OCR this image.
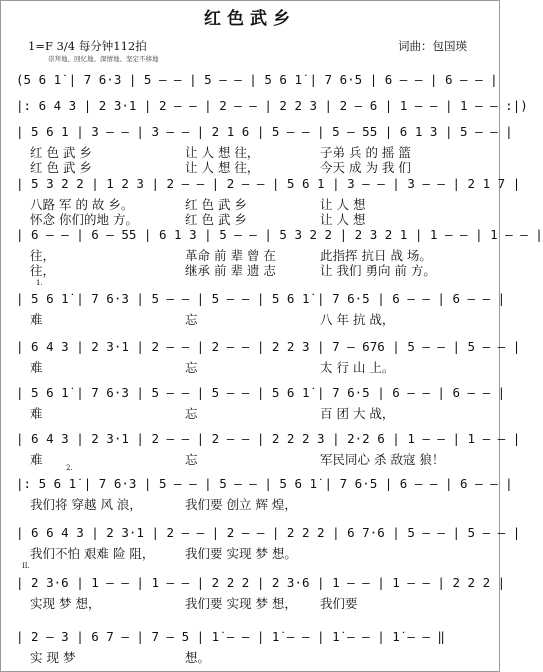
红色武乡
1=F 3/4 每分钟112拍
崇拜地、回忆地、深情地、坚定不移地
词曲：包国瑛
1.
2.
II.
(5 6 1̇ | 7 6·3 | 5 — — | 5 — — | 5 6 1̇ | 7 6·5 | 6 — — | 6 — — |
|: 6 4 3 | 2 3·1 | 2 — — | 2 — — | 2 2 3 | 2 — 6 | 1 — — | 1 — — :|)
| 5 6 1 | 3 — — | 3 — — | 2 1 6 | 5 — — | 5 — 55 | 6 1 3 | 5 — — |
红 色 武 乡	让 人 想 往，	子弟 兵 的 摇 篮
红 色 武 乡	让 人 想 往，	今天 成 为 我 们
| 5 3 2 2 | 1 2 3 | 2 — — | 2 — — | 5 6 1 | 3 — — | 3 — — | 2 1 7 |
八路 军 的 故 乡。	红 色 武 乡	让 人 想
怀念 你们的地 方。	红 色 武 乡	让 人 想
| 6 — — | 6 — 55 | 6 1 3 | 5 — — | 5 3 2 2 | 2 3 2 1 | 1 — — | 1 — — |
往，	革命 前 辈 曾 在	此指挥 抗日 战 场。
往，	继承 前 辈 遗 志	让 我们 勇向 前 方。
| 5 6 1̇ | 7 6·3 | 5 — — | 5 — — | 5 6 1̇ | 7 6·5 | 6 — — | 6 — — |
难	忘	八 年 抗 战，
| 6 4 3 | 2 3·1 | 2 — — | 2 — — | 2 2 3 | 7 — 676 | 5 — — | 5 — — |
难	忘	太 行 山 上。
| 5 6 1̇ | 7 6·3 | 5 — — | 5 — — | 5 6 1̇ | 7 6·5 | 6 — — | 6 — — |
难	忘	百 团 大 战，
| 6 4 3 | 2 3·1 | 2 — — | 2 — — | 2 2 2 3 | 2·2 6 | 1 — — | 1 — — |
难	忘	军民同心 杀 敌寇 狼！
|: 5 6 1̇ | 7 6·3 | 5 — — | 5 — — | 5 6 1̇ | 7 6·5 | 6 — — | 6 — — |
我们将 穿越 风 浪，	我们要 创立 辉 煌，
| 6 6 4 3 | 2 3·1 | 2 — — | 2 — — | 2 2 2 | 6 7·6 | 5 — — | 5 — — |
我们不怕 艰难 险 阻， 我们要 实现 梦 想。
| 2 3·6 | 1 — — | 1 — — | 2 2 2 | 2 3·6 | 1 — — | 1 — — | 2 2 2 |
实现 梦 想，	我们要 实现 梦 想， 我们要
| 2 — 3 | 6 7 — | 7 — 5 | 1̇ — — | 1̇ — — | 1̇ — — | 1̇ — — ‖
实 现 梦	想。
